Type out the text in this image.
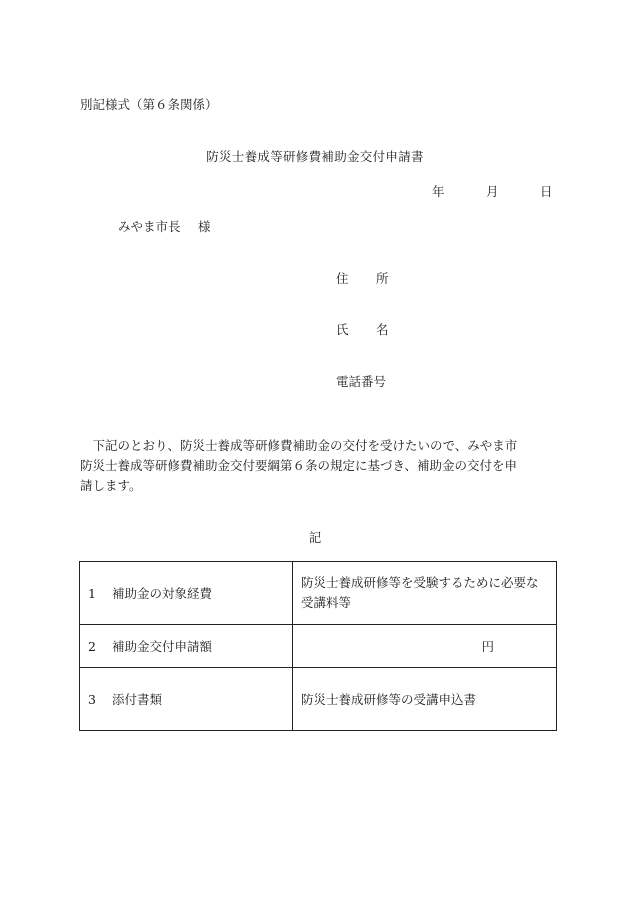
別記様式（第６条関係）
防災士養成等研修費補助金交付申請書
年	月	日
みやま市長 様
住 所
氏 名
電話番号

　下記のとおり、防災士養成等研修費補助金の交付を受けたいので、みやま市

防災士養成等研修費補助金交付要綱第６条の規定に基づき、補助金の交付を申

請します。

記
1 補助金の対象経費	防災士養成研修等を受験するために必要な
受講料等

2 補助金交付申請額	円
3 添付書類	防災士養成研修等の受講申込書
